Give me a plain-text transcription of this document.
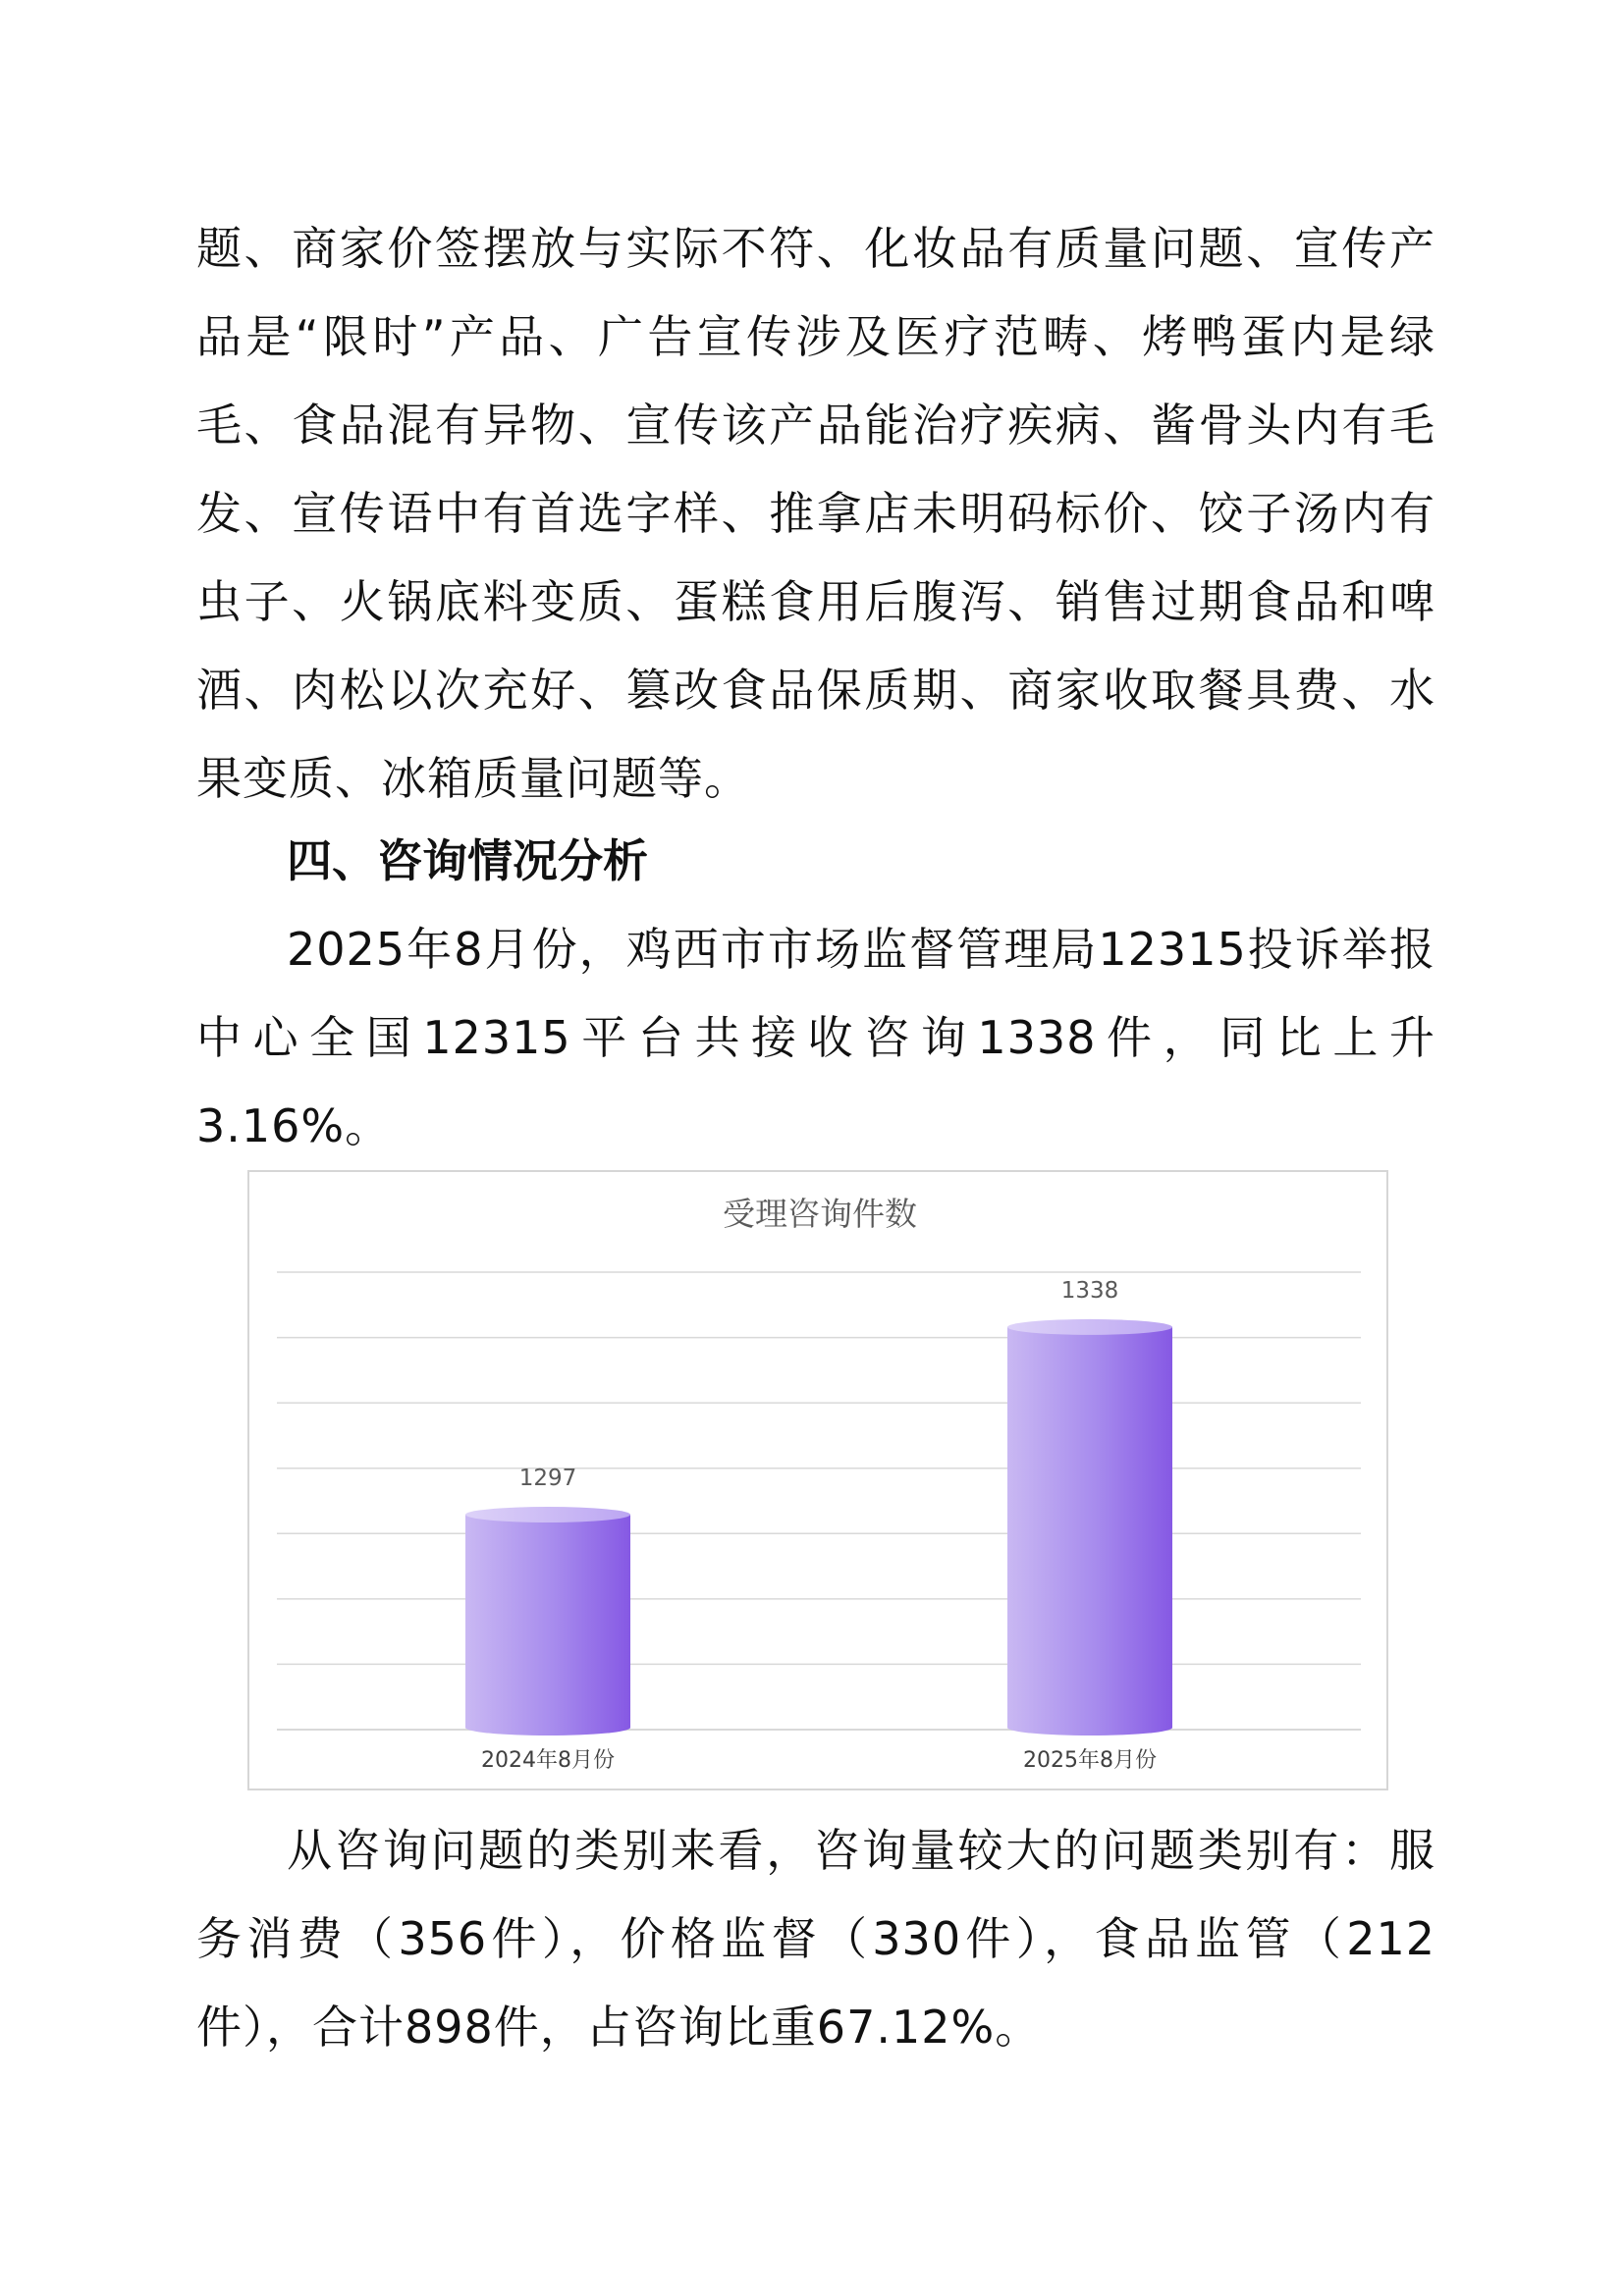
题、商家价签摆放与实际不符、化妆品有质量问题、宣传产品是“限时”产品、广告宣传涉及医疗范畴、烤鸭蛋内是绿毛、食品混有异物、宣传该产品能治疗疾病、酱骨头内有毛发、宣传语中有首选字样、推拿店未明码标价、饺子汤内有虫子、火锅底料变质、蛋糕食用后腹泻、销售过期食品和啤酒、肉松以次充好、篡改食品保质期、商家收取餐具费、水果变质、冰箱质量问题等。

四、咨询情况分析

2025年8月份，鸡西市市场监督管理局12315投诉举报中心全国12315平台共接收咨询1338件，同比上升3.16%。

受理咨询件数
1297
1338
2024年8月份	2025年8月份

从咨询问题的类别来看，咨询量较大的问题类别有：服务消费（356件），价格监督（330件），食品监管（212件），合计898件，占咨询比重67.12%。
